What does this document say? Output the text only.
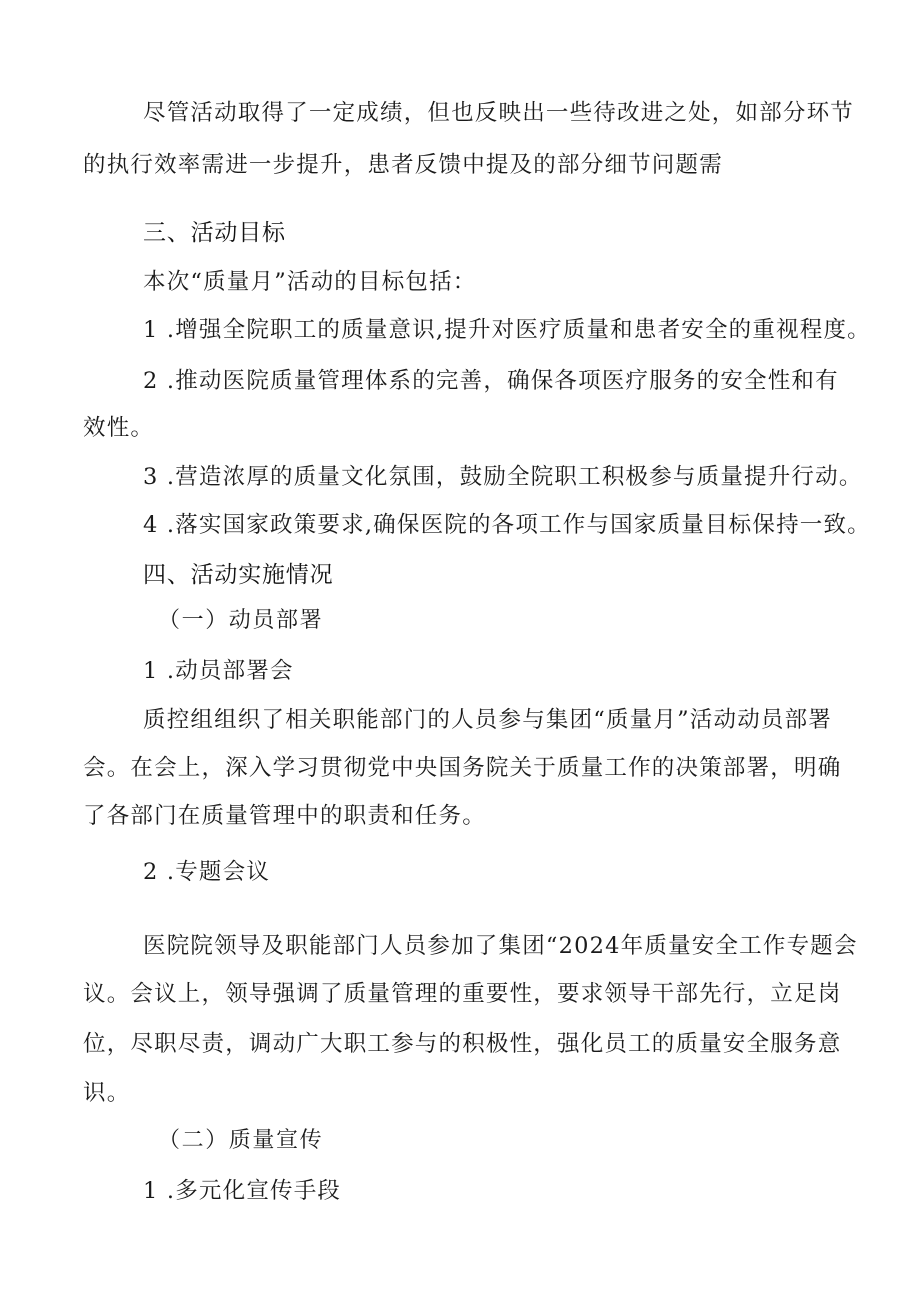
尽管活动取得了一定成绩，但也反映出一些待改进之处，如部分环节
的执行效率需进一步提升，患者反馈中提及的部分细节问题需
三、活动目标
本次“质量月”活动的目标包括：
1 .增强全院职工的质量意识,提升对医疗质量和患者安全的重视程度。
2 .推动医院质量管理体系的完善，确保各项医疗服务的安全性和有
效性。
3 .营造浓厚的质量文化氛围，鼓励全院职工积极参与质量提升行动。
4 .落实国家政策要求,确保医院的各项工作与国家质量目标保持一致。
四、活动实施情况
（一）动员部署
1 .动员部署会
质控组组织了相关职能部门的人员参与集团“质量月”活动动员部署
会。在会上，深入学习贯彻党中央国务院关于质量工作的决策部署，明确
了各部门在质量管理中的职责和任务。
2 .专题会议
医院院领导及职能部门人员参加了集团“2024年质量安全工作专题会
议。会议上，领导强调了质量管理的重要性，要求领导干部先行，立足岗
位，尽职尽责，调动广大职工参与的积极性，强化员工的质量安全服务意
识。
（二）质量宣传
1 .多元化宣传手段
